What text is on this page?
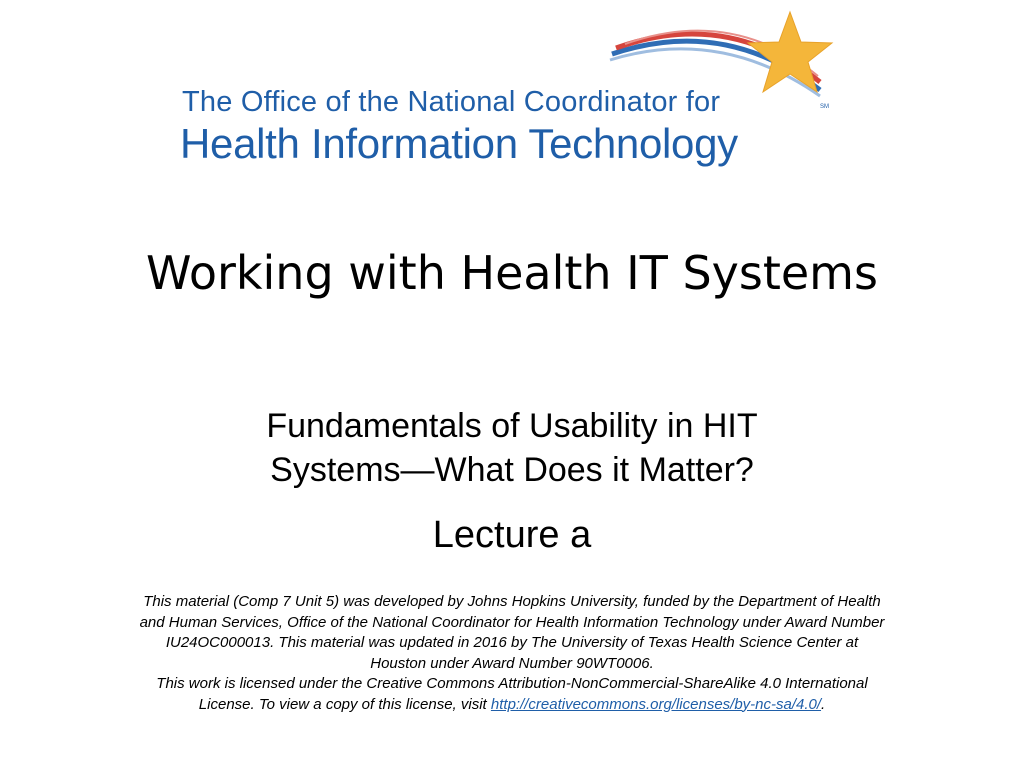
SM
The Office of the National Coordinator for
Health Information Technology
Working with Health IT Systems
Fundamentals of Usability in HIT
Systems—What Does it Matter?
Lecture a
This material (Comp 7 Unit 5) was developed by Johns Hopkins University, funded by the Department of Health
and Human Services, Office of the National Coordinator for Health Information Technology under Award Number
IU24OC000013. This material was updated in 2016 by The University of Texas Health Science Center at
Houston under Award Number 90WT0006.
This work is licensed under the Creative Commons Attribution-NonCommercial-ShareAlike 4.0 International
License. To view a copy of this license, visit http://creativecommons.org/licenses/by-nc-sa/4.0/.
